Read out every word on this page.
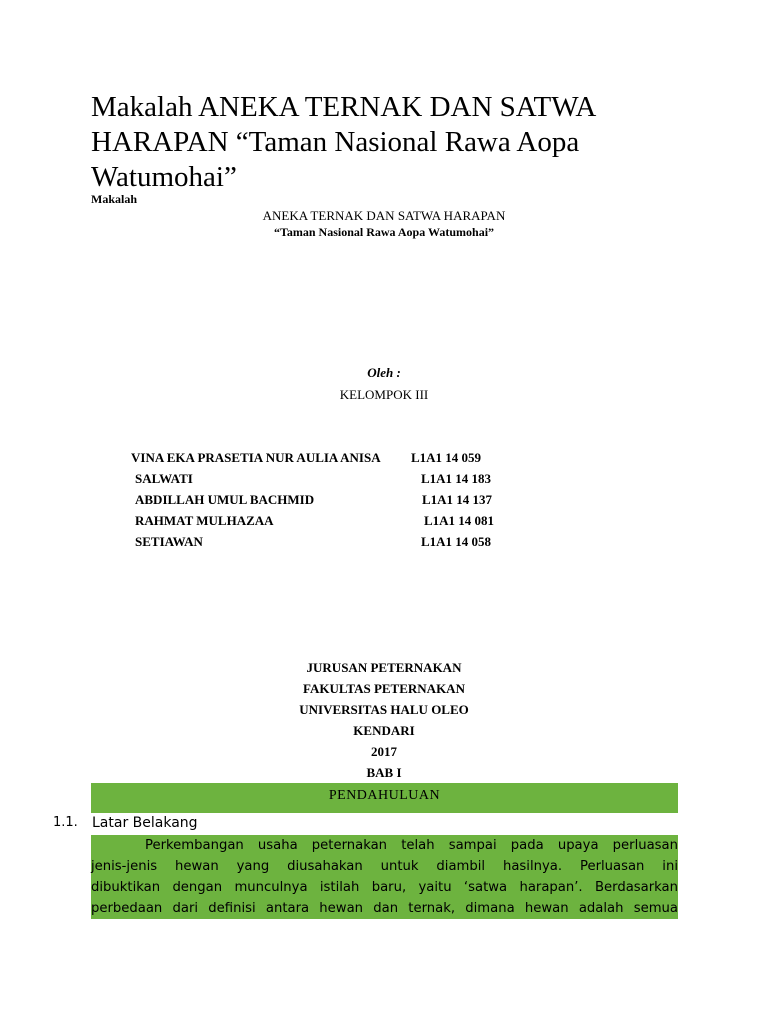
Makalah ANEKA TERNAK DAN SATWA HARAPAN “Taman Nasional Rawa Aopa Watumohai”
Makalah
ANEKA TERNAK DAN SATWA HARAPAN
“Taman Nasional Rawa Aopa Watumohai”
Oleh :
KELOMPOK III
VINA EKA PRASETIA NUR AULIA ANISA L1A1 14 059
SALWATI	L1A1 14 183
ABDILLAH UMUL BACHMID	L1A1 14 137
RAHMAT MULHAZAA	L1A1 14 081
SETIAWAN	L1A1 14 058
JURUSAN PETERNAKAN
FAKULTAS PETERNAKAN
UNIVERSITAS HALU OLEO
KENDARI
2017
BAB I
PENDAHULUAN
1.1. Latar Belakang
Perkembangan usaha peternakan telah sampai pada upaya perluasan
jenis-jenis hewan yang diusahakan untuk diambil hasilnya. Perluasan ini
dibuktikan dengan munculnya istilah baru, yaitu ‘satwa harapan’. Berdasarkan
perbedaan dari definisi antara hewan dan ternak, dimana hewan adalah semua
